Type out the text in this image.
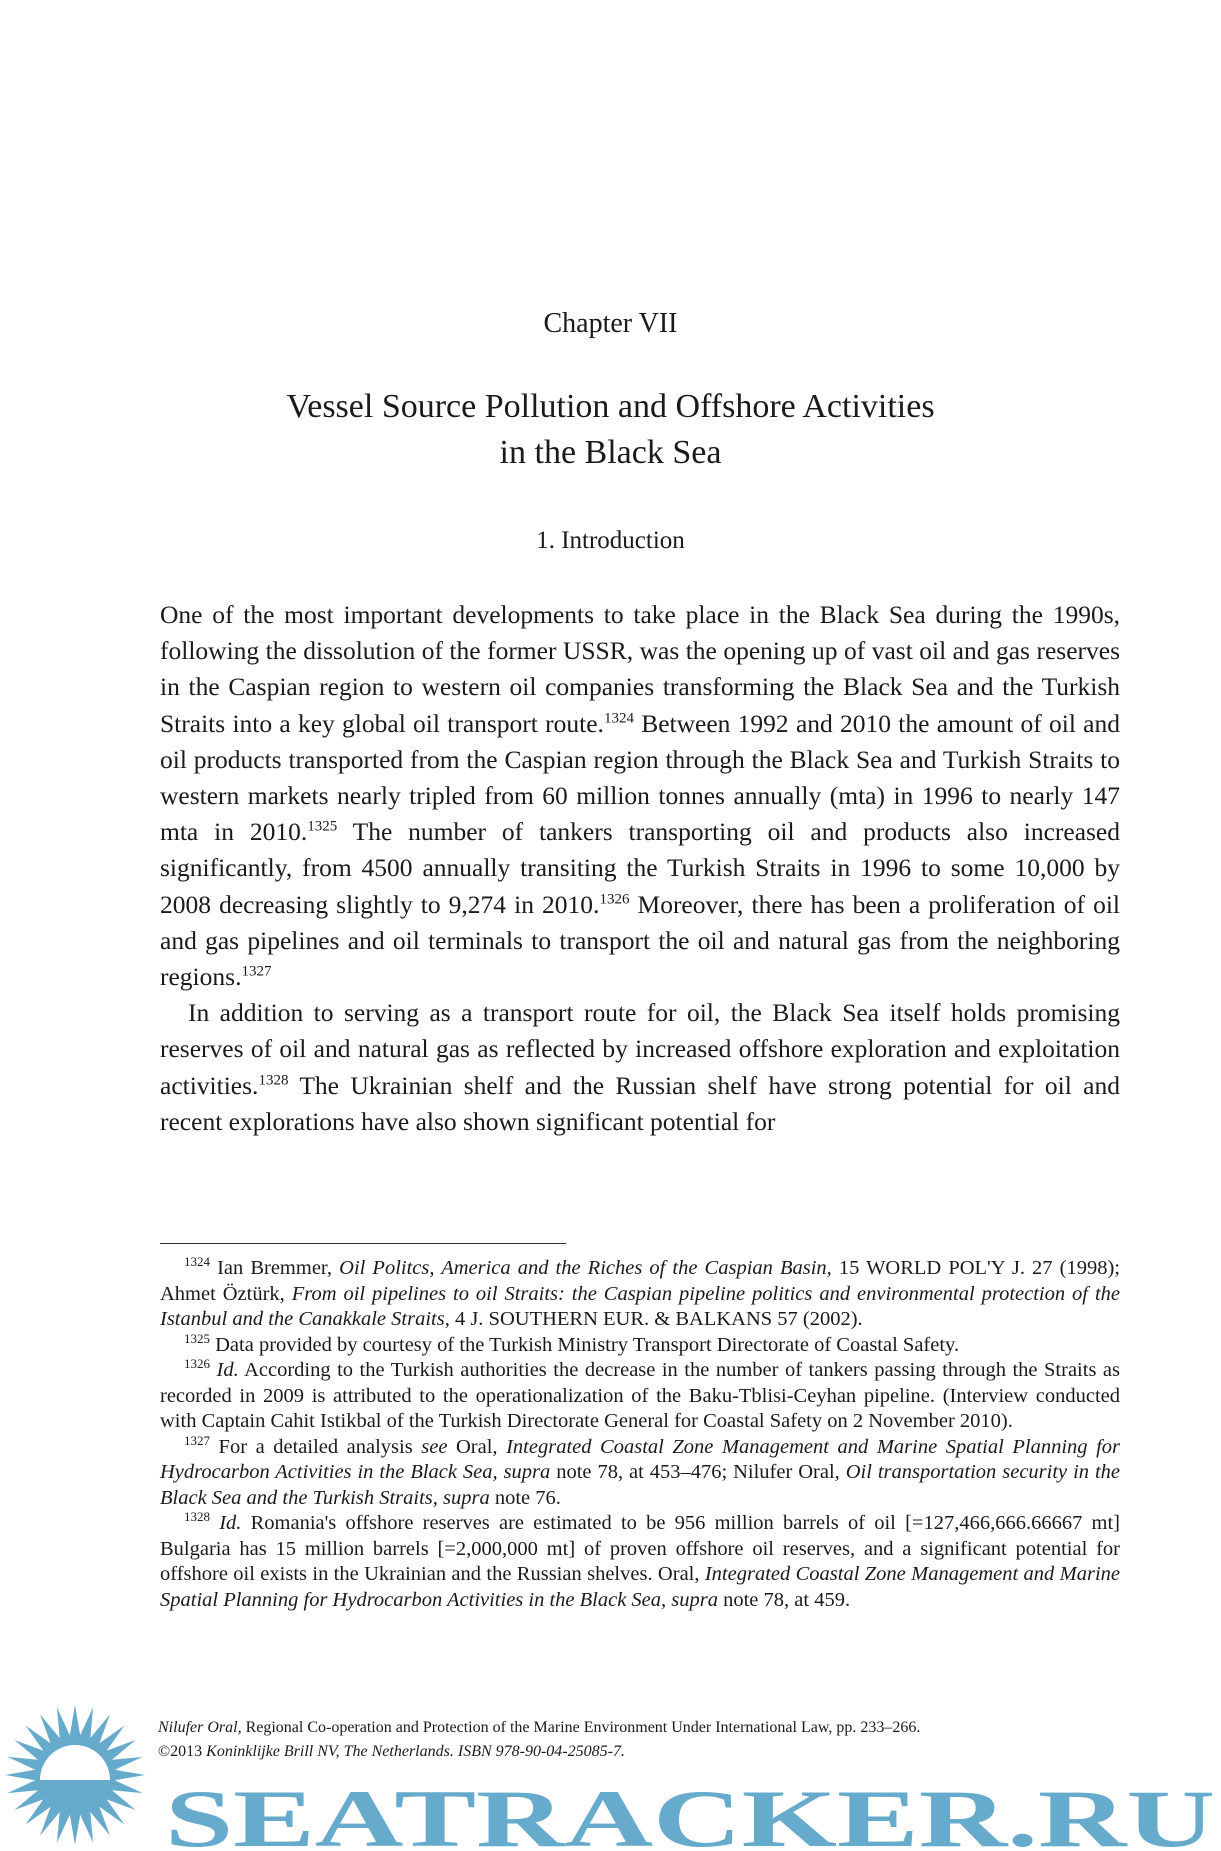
Chapter VII
Vessel Source Pollution and Offshore Activities
in the Black Sea
1. Introduction

One of the most important developments to take place in the Black Sea during the 1990s, following the dissolution of the former USSR, was the opening up of vast oil and gas reserves in the Caspian region to western oil companies transforming the Black Sea and the Turkish Straits into a key global oil transport route.$^{1324}$ Between 1992 and 2010 the amount of oil and oil products transported from the Caspian region through the Black Sea and Turkish Straits to western markets nearly tripled from 60 million tonnes annually (mta) in 1996 to nearly 147 mta in 2010.$^{1325}$ The number of tankers transporting oil and products also increased significantly, from 4500 annually transiting the Turkish Straits in 1996 to some 10,000 by 2008 decreasing slightly to 9,274 in 2010.$^{1326}$ Moreover, there has been a proliferation of oil and gas pipelines and oil terminals to transport the oil and natural gas from the neighboring regions.$^{1327}$

In addition to serving as a transport route for oil, the Black Sea itself holds promising reserves of oil and natural gas as reflected by increased offshore exploration and exploitation activities.$^{1328}$ The Ukrainian shelf and the Russian shelf have strong potential for oil and recent explorations have also shown significant potential for

$^{1324}$ Ian Bremmer, Oil Politcs, America and the Riches of the Caspian Basin, 15 WORLD POL'Y J. 27 (1998); Ahmet Öztürk, From oil pipelines to oil Straits: the Caspian pipeline politics and environmental protection of the Istanbul and the Canakkale Straits, 4 J. SOUTHERN EUR. & BALKANS 57 (2002).

$^{1325}$ Data provided by courtesy of the Turkish Ministry Transport Directorate of Coastal Safety.

$^{1326}$ Id. According to the Turkish authorities the decrease in the number of tankers passing through the Straits as recorded in 2009 is attributed to the operationalization of the Baku-Tblisi-Ceyhan pipeline. (Interview conducted with Captain Cahit Istikbal of the Turkish Directorate General for Coastal Safety on 2 November 2010).

$^{1327}$ For a detailed analysis see Oral, Integrated Coastal Zone Management and Marine Spatial Planning for Hydrocarbon Activities in the Black Sea, supra note 78, at 453–476; Nilufer Oral, Oil transportation security in the Black Sea and the Turkish Straits, supra note 76.

$^{1328}$ Id. Romania's offshore reserves are estimated to be 956 million barrels of oil [=127,466,666.66667 mt] Bulgaria has 15 million barrels [=2,000,000 mt] of proven offshore oil reserves, and a significant potential for offshore oil exists in the Ukrainian and the Russian shelves. Oral, Integrated Coastal Zone Management and Marine Spatial Planning for Hydrocarbon Activities in the Black Sea, supra note 78, at 459.

Nilufer Oral, Regional Co-operation and Protection of the Marine Environment Under International Law, pp. 233–266.
©2013 Koninklijke Brill NV, The Netherlands. ISBN 978-90-04-25085-7.
SEATRACKER.RU
